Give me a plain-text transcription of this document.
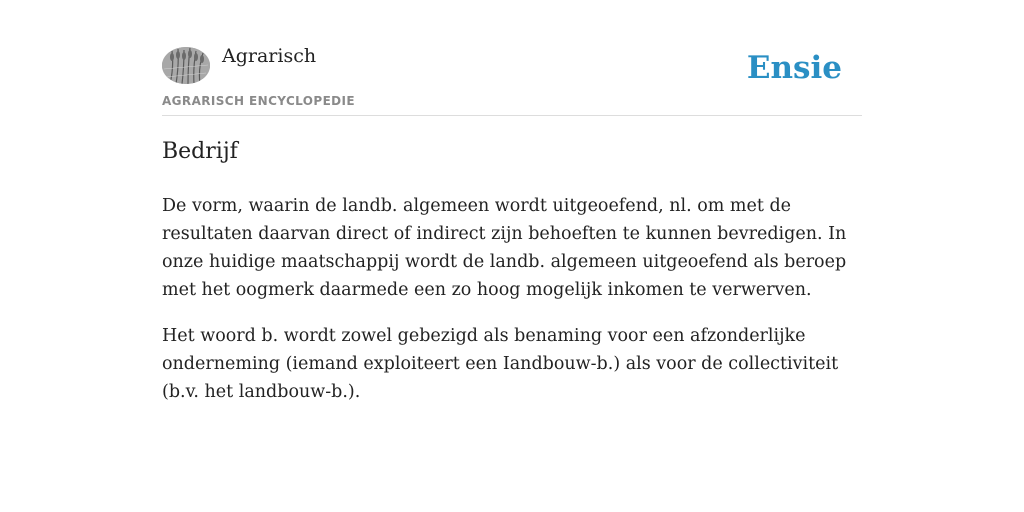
Agrarisch
AGRARISCH ENCYCLOPEDIE
Ensie
Bedrijf

De vorm, waarin de landb. algemeen wordt uitgeoefend, nl. om met de resultaten daarvan direct of indirect zijn behoeften te kunnen bevredigen. In onze huidige maatschappij wordt de landb. algemeen uitgeoefend als beroep met het oogmerk daarmede een zo hoog mogelijk inkomen te verwerven.

Het woord b. wordt zowel gebezigd als benaming voor een afzonderlijke onderneming (iemand exploiteert een Iandbouw-b.) als voor de collectiviteit (b.v. het landbouw-b.).
